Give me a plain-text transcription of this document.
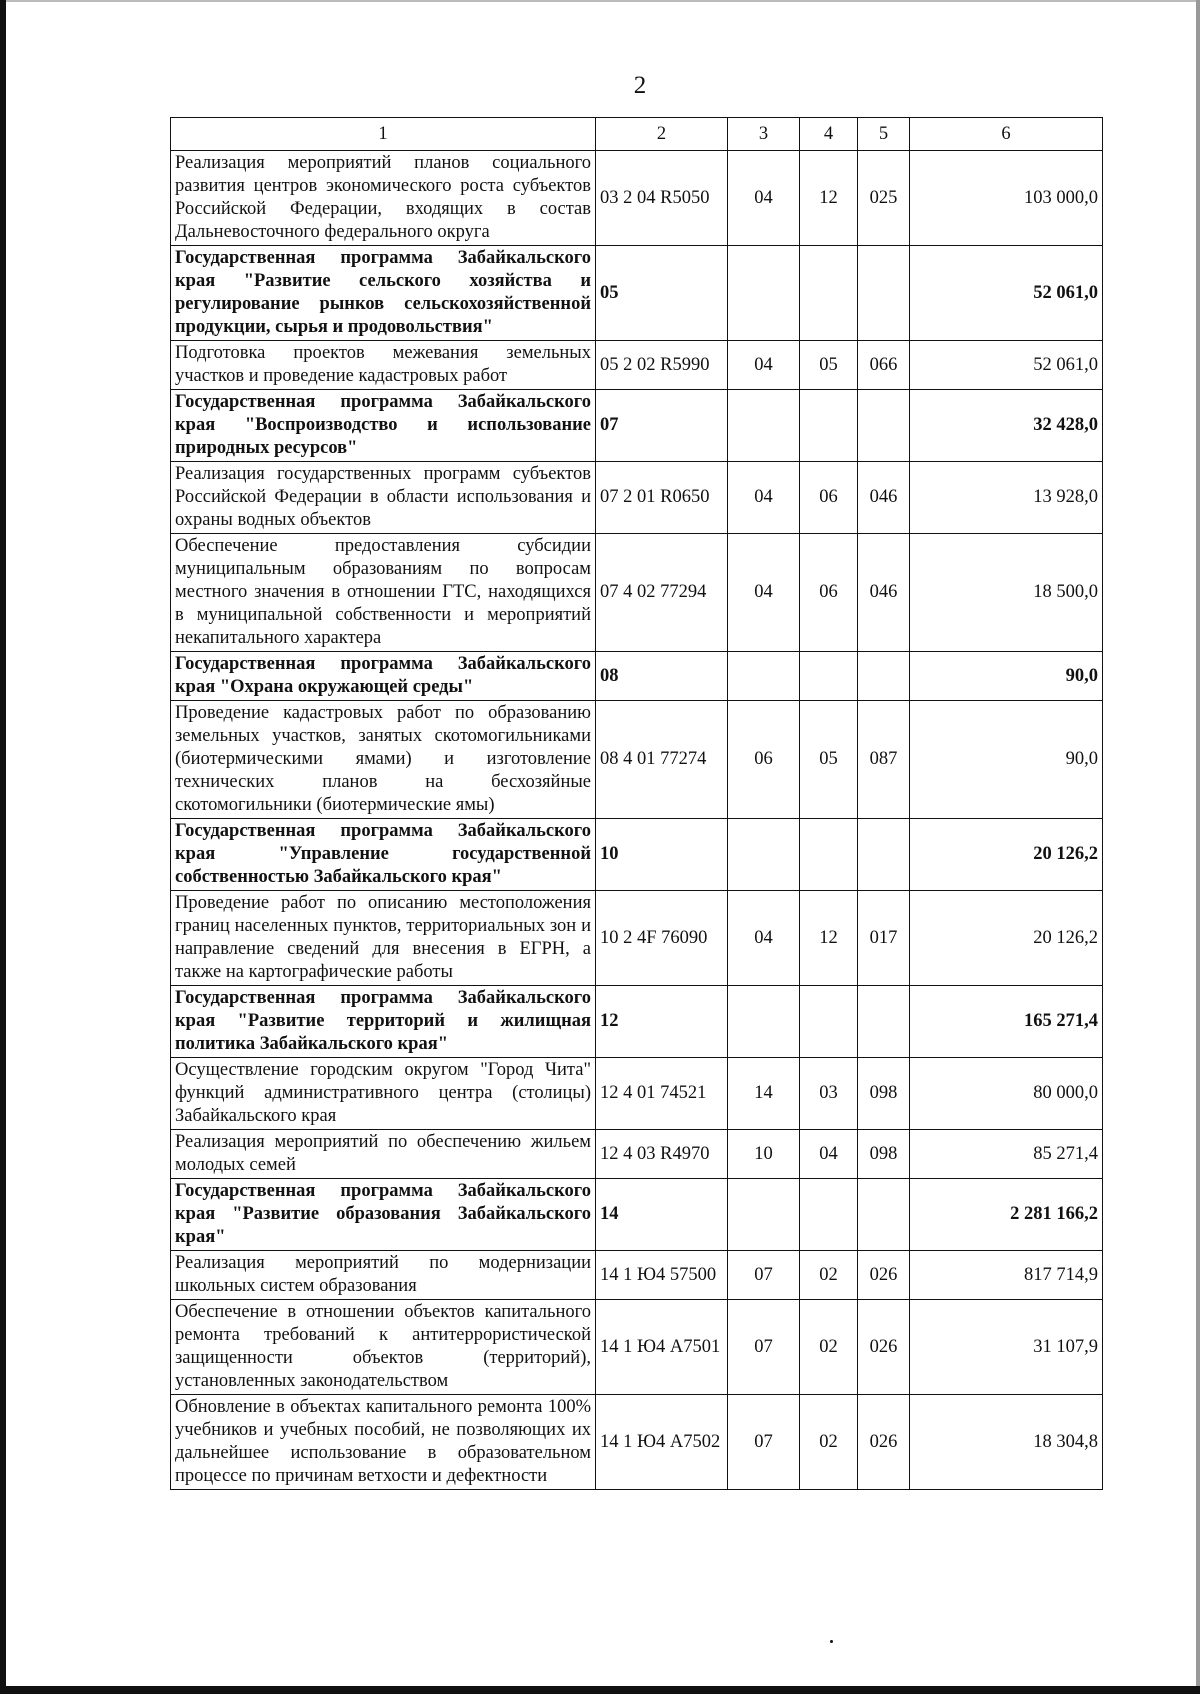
2
1	2	3	4	5	6
Реализация мероприятий планов социального развития центров экономического роста субъектов Российской Федерации, входящих в состав Дальневосточного федерального округа	03 2 04 R5050	04	12	025	103 000,0
Государственная программа Забайкальского края "Развитие сельского хозяйства и регулирование рынков сельскохозяйственной продукции, сырья и продовольствия"	05				52 061,0
Подготовка проектов межевания земельных участков и проведение кадастровых работ	05 2 02 R5990	04	05	066	52 061,0
Государственная программа Забайкальского края "Воспроизводство и использование природных ресурсов"	07				32 428,0
Реализация государственных программ субъектов Российской Федерации в области использования и охраны водных объектов	07 2 01 R0650	04	06	046	13 928,0
Обеспечение предоставления субсидии муниципальным образованиям по вопросам местного значения в отношении ГТС, находящихся в муниципальной собственности и мероприятий некапитального характера	07 4 02 77294	04	06	046	18 500,0
Государственная программа Забайкальского края "Охрана окружающей среды"	08				90,0
Проведение кадастровых работ по образованию земельных участков, занятых скотомогильниками (биотермическими ямами) и изготовление технических планов на бесхозяйные скотомогильники (биотермические ямы)	08 4 01 77274	06	05	087	90,0
Государственная программа Забайкальского края "Управление государственной собственностью Забайкальского края"	10				20 126,2
Проведение работ по описанию местоположения границ населенных пунктов, территориальных зон и направление сведений для внесения в ЕГРН, а также на картографические работы	10 2 4F 76090	04	12	017	20 126,2
Государственная программа Забайкальского края "Развитие территорий и жилищная политика Забайкальского края"	12				165 271,4
Осуществление городским округом "Город Чита" функций административного центра (столицы) Забайкальского края	12 4 01 74521	14	03	098	80 000,0
Реализация мероприятий по обеспечению жильем молодых семей	12 4 03 R4970	10	04	098	85 271,4
Государственная программа Забайкальского края "Развитие образования Забайкальского края"	14				2 281 166,2
Реализация мероприятий по модернизации школьных систем образования	14 1 Ю4 57500	07	02	026	817 714,9
Обеспечение в отношении объектов капитального ремонта требований к антитеррористической защищенности объектов (территорий), установленных законодательством	14 1 Ю4 A7501	07	02	026	31 107,9
Обновление в объектах капитального ремонта 100% учебников и учебных пособий, не позволяющих их дальнейшее использование в образовательном процессе по причинам ветхости и дефектности	14 1 Ю4 A7502	07	02	026	18 304,8
